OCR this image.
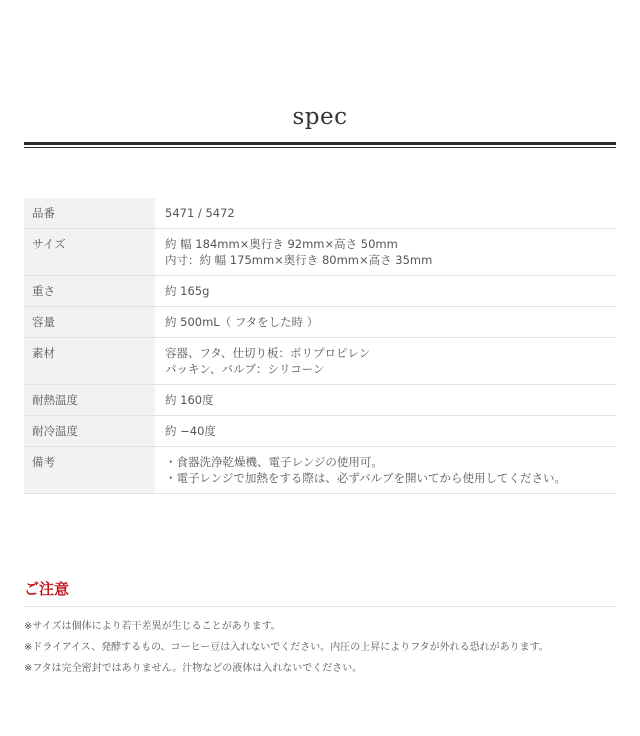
spec
品番	5471 / 5472

サイズ	約 幅 184mm×奥行き 92mm×高さ 50mm
内寸：約 幅 175mm×奥行き 80mm×高さ 35mm

重さ	約 165g

容量	約 500mL（ フタをした時 ）

素材	容器、フタ、仕切り板：ポリプロピレン
パッキン、バルブ：シリコーン

耐熱温度	約 160度

耐冷温度	約 −40度

備考	・食器洗浄乾燥機、電子レンジの使用可。
・電子レンジで加熱をする際は、必ずバルブを開いてから使用してください。
ご注意
※サイズは個体により若干差異が生じることがあります。
※ドライアイス、発酵するもの、コーヒー豆は入れないでください。内圧の上昇によりフタが外れる恐れがあります。
※フタは完全密封ではありません。汁物などの液体は入れないでください。
